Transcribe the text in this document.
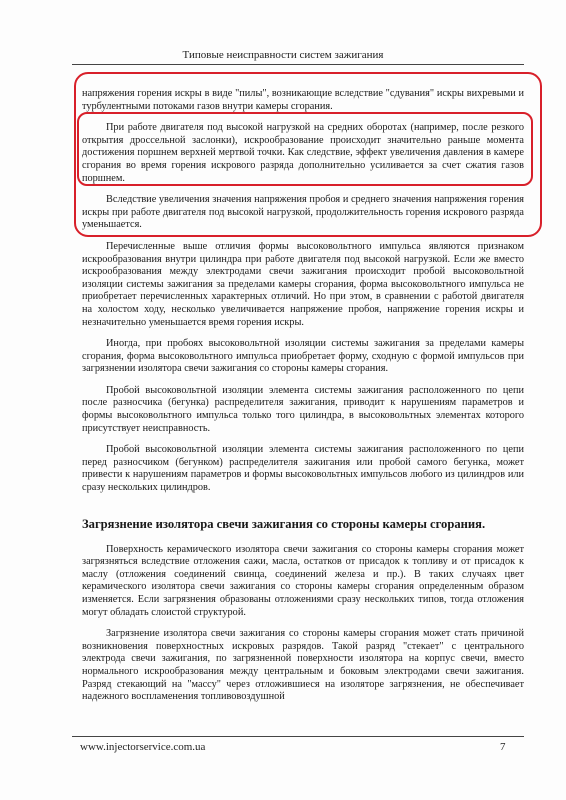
Типовые неисправности систем зажигания

напряжения горения искры в виде "пилы", возникающие вследствие "сдувания" искры вихревыми и турбулентными потоками газов внутри камеры сгорания.

При работе двигателя под высокой нагрузкой на средних оборотах (например, после резкого открытия дроссельной заслонки), искрообразование происходит значительно раньше момента достижения поршнем верхней мертвой точки. Как следствие, эффект увеличения давления в камере сгорания во время горения искрового разряда дополнительно усиливается за счет сжатия газов поршнем.

Вследствие увеличения значения напряжения пробоя и среднего значения напряжения горения искры при работе двигателя под высокой нагрузкой, продолжительность горения искрового разряда уменьшается.

Перечисленные выше отличия формы высоковольтного импульса являются признаком искрообразования внутри цилиндра при работе двигателя под высокой нагрузкой. Если же вместо искрообразования между электродами свечи зажигания происходит пробой высоковольтной изоляции системы зажигания за пределами камеры сгорания, форма высоковольтного импульса не приобретает перечисленных характерных отличий. Но при этом, в сравнении с работой двигателя на холостом ходу, несколько увеличивается напряжение пробоя, напряжение горения искры и незначительно уменьшается время горения искры.

Иногда, при пробоях высоковольтной изоляции системы зажигания за пределами камеры сгорания, форма высоковольтного импульса приобретает форму, сходную с формой импульсов при загрязнении изолятора свечи зажигания со стороны камеры сгорания.

Пробой высоковольтной изоляции элемента системы зажигания расположенного по цепи после разносчика (бегунка) распределителя зажигания, приводит к нарушениям параметров и формы высоковольтного импульса только того цилиндра, в высоковольтных элементах которого присутствует неисправность.

Пробой высоковольтной изоляции элемента системы зажигания расположенного по цепи перед разносчиком (бегунком) распределителя зажигания или пробой самого бегунка, может привести к нарушениям параметров и формы высоковольтных импульсов любого из цилиндров или сразу нескольких цилиндров.

Загрязнение изолятора свечи зажигания со стороны камеры сгорания.

Поверхность керамического изолятора свечи зажигания со стороны камеры сгорания может загрязняться вследствие отложения сажи, масла, остатков от присадок к топливу и от присадок к маслу (отложения соединений свинца, соединений железа и пр.). В таких случаях цвет керамического изолятора свечи зажигания со стороны камеры сгорания определенным образом изменяется. Если загрязнения образованы отложениями сразу нескольких типов, тогда отложения могут обладать слоистой структурой.

Загрязнение изолятора свечи зажигания со стороны камеры сгорания может стать причиной возникновения поверхностных искровых разрядов. Такой разряд "стекает" с центрального электрода свечи зажигания, по загрязненной поверхности изолятора на корпус свечи, вместо нормального искрообразования между центральным и боковым электродами свечи зажигания. Разряд стекающий на "массу" через отложившиеся на изоляторе загрязнения, не обеспечивает надежного воспламенения топливовоздушной

www.injectorservice.com.ua	7
